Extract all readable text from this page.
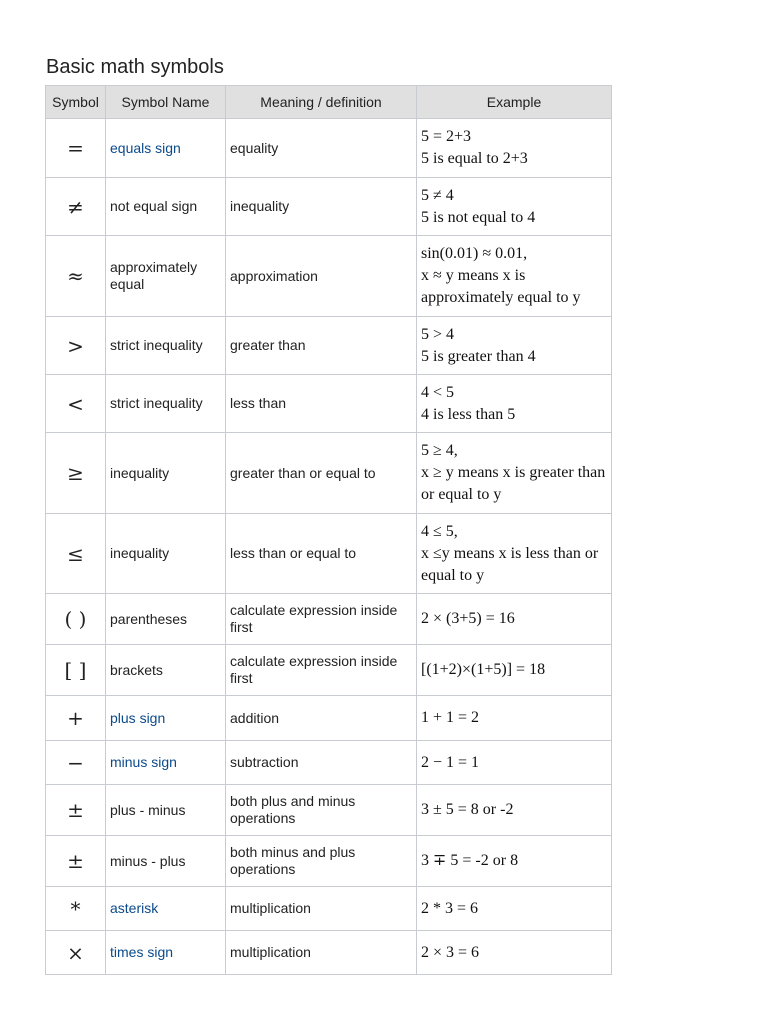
Basic math symbols
Symbol	Symbol Name	Meaning / definition	Example
=	equals sign	equality	5 = 2+3
5 is equal to 2+3

≠	not equal sign	inequality	5 ≠ 4
5 is not equal to 4

≈	approximately equal	approximation	sin(0.01) ≈ 0.01,
x ≈ y means x is approximately equal to y

>	strict inequality	greater than	5 > 4
5 is greater than 4

<	strict inequality	less than	4 < 5
4 is less than 5

≥	inequality	greater than or equal to	5 ≥ 4,
x ≥ y means x is greater than or equal to y

≤	inequality	less than or equal to	4 ≤ 5,
x ≤y means x is less than or equal to y

( )	parentheses	calculate expression inside first	2 × (3+5) = 16

[ ]	brackets	calculate expression inside first	[(1+2)×(1+5)] = 18

+	plus sign	addition	1 + 1 = 2

−	minus sign	subtraction	2 − 1 = 1

±	plus - minus	both plus and minus operations	3 ± 5 = 8 or -2

±	minus - plus	both minus and plus operations	3 ∓ 5 = -2 or 8

*	asterisk	multiplication	2 * 3 = 6

×	times sign	multiplication	2 × 3 = 6
